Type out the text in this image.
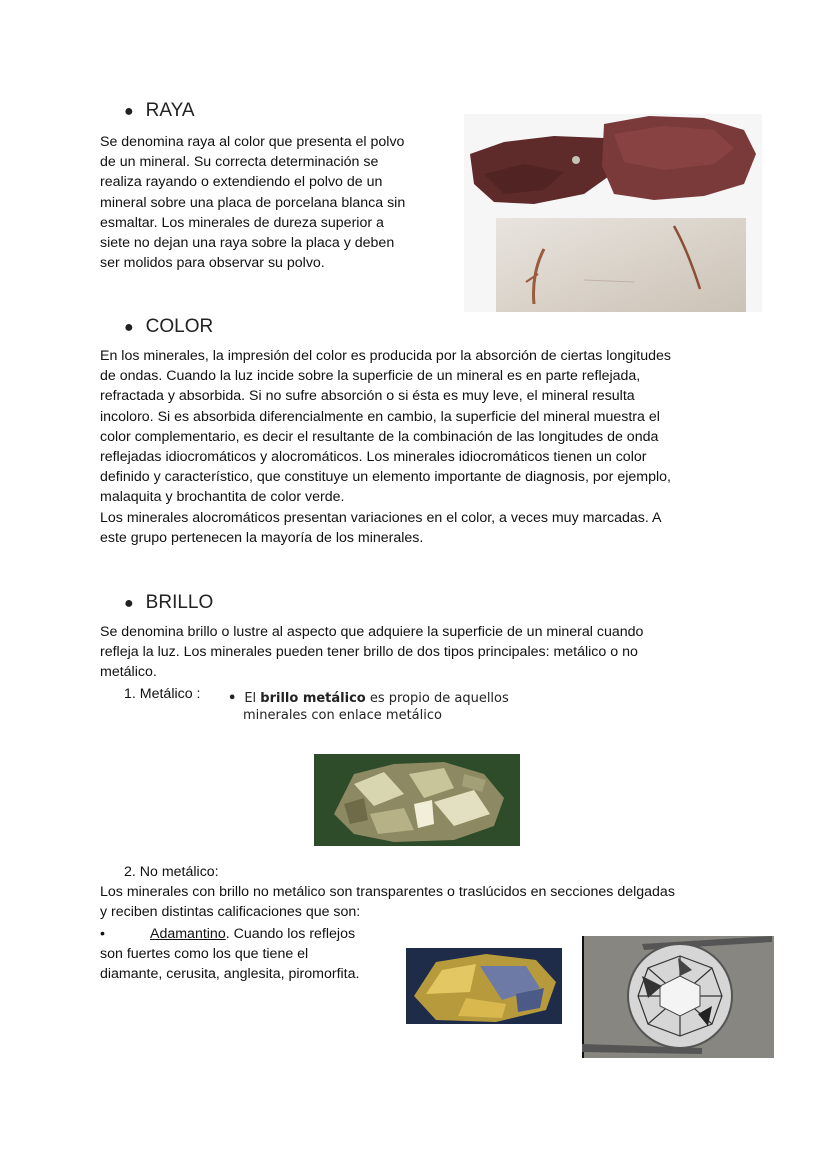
● RAYA
Se denomina raya al color que presenta el polvo
de un mineral. Su correcta determinación se
realiza rayando o extendiendo el polvo de un
mineral sobre una placa de porcelana blanca sin
esmaltar. Los minerales de dureza superior a
siete no dejan una raya sobre la placa y deben
ser molidos para observar su polvo.
● COLOR
En los minerales, la impresión del color es producida por la absorción de ciertas longitudes
de ondas. Cuando la luz incide sobre la superficie de un mineral es en parte reflejada,
refractada y absorbida. Si no sufre absorción o si ésta es muy leve, el mineral resulta
incoloro. Si es absorbida diferencialmente en cambio, la superficie del mineral muestra el
color complementario, es decir el resultante de la combinación de las longitudes de onda
reflejadas idiocromáticos y alocromáticos. Los minerales idiocromáticos tienen un color
definido y característico, que constituye un elemento importante de diagnosis, por ejemplo,
malaquita y brochantita de color verde.
Los minerales alocromáticos presentan variaciones en el color, a veces muy marcadas. A
este grupo pertenecen la mayoría de los minerales.
● BRILLO
Se denomina brillo o lustre al aspecto que adquiere la superficie de un mineral cuando
refleja la luz. Los minerales pueden tener brillo de dos tipos principales: metálico o no
metálico.
1. Metálico : • El brillo metálico es propio de aquellos
minerales con enlace metálico
2. No metálico:
Los minerales con brillo no metálico son transparentes o traslúcidos en secciones delgadas
y reciben distintas calificaciones que son:
•	Adamantino. Cuando los reflejos
son fuertes como los que tiene el
diamante, cerusita, anglesita, piromorfita.
